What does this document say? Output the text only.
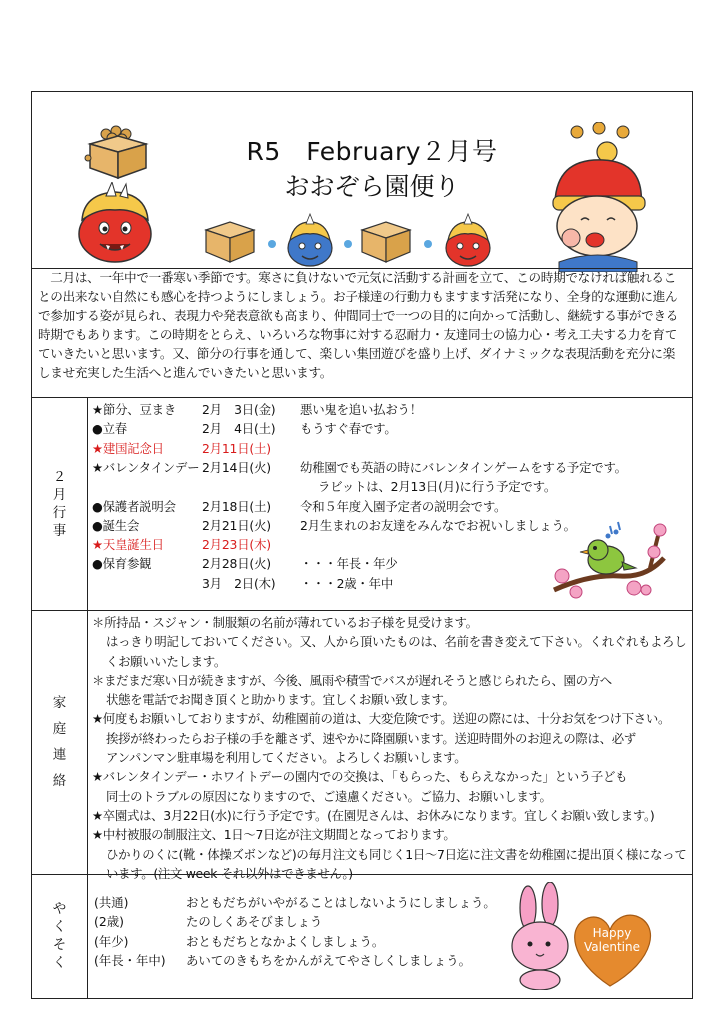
R5　February２月号
おおぞら園便り
　二月は、一年中で一番寒い季節です。寒さに負けないで元気に活動する計画を立て、この時期でなければ触れることの出来ない自然にも感心を持つようにしましょう。お子様達の行動力もますます活発になり、全身的な運動に進んで参加する姿が見られ、表現力や発表意欲も高まり、仲間同士で一つの目的に向かって活動し、継続する事ができる時期でもあります。この時期をとらえ、いろいろな物事に対する忍耐力・友達同士の協力心・考え工夫する力を育てていきたいと思います。又、節分の行事を通して、楽しい集団遊びを盛り上げ、ダイナミックな表現活動を充分に楽しませ充実した生活へと進んでいきたいと思います。
２月行事
★節分、豆まき 2月　3日(金) 悪い鬼を追い払おう！
●立春	2月　4日(土) もうすぐ春です。
★建国記念日	2月11日(土)
★バレンタインデー 2月14日(火) 幼稚園でも英語の時にバレンタインゲームをする予定です。
ラビットは、2月13日(月)に行う予定です。
●保護者説明会 2月18日(土) 令和５年度入園予定者の説明会です。
●誕生会	2月21日(火) 2月生まれのお友達をみんなでお祝いしましょう。
★天皇誕生日	2月23日(木)
●保育参観	2月28日(火) ・・・年長・年少
3月　2日(木) ・・・2歳・年中
家庭連絡

＊所持品・スジャン・制服類の名前が薄れているお子様を見受けます。

はっきり明記しておいてください。又、人から頂いたものは、名前を書き変えて下さい。くれぐれもよろしくお願いいたします。

＊まだまだ寒い日が続きますが、今後、風雨や積雪でバスが遅れそうと感じられたら、園の方へ

状態を電話でお聞き頂くと助かります。宜しくお願い致します。

★何度もお願いしておりますが、幼稚園前の道は、大変危険です。送迎の際には、十分お気をつけ下さい。

挨拶が終わったらお子様の手を離さず、速やかに降園願います。送迎時間外のお迎えの際は、必ず

アンパンマン駐車場を利用してください。よろしくお願いします。

★バレンタインデー・ホワイトデーの園内での交換は、「もらった、もらえなかった」という子ども

同士のトラブルの原因になりますので、ご遠慮ください。ご協力、お願いします。

★卒園式は、3月22日(水)に行う予定です。(在園児さんは、お休みになります。宜しくお願い致します。)

★中村被服の制服注文、1日～7日迄が注文期間となっております。

ひかりのくに(靴・体操ズボンなど)の毎月注文も同じく1日～7日迄に注文書を幼稚園に提出頂く様になっています。(注文 week それ以外はできません。)

やくそく
(共通)	おともだちがいやがることはしないようにしましょう。
(2歳)	たのしくあそびましょう
(年少)	おともだちとなかよくしましょう。
(年長・年中) あいてのきもちをかんがえてやさしくしましょう。
Happy
Valentine
